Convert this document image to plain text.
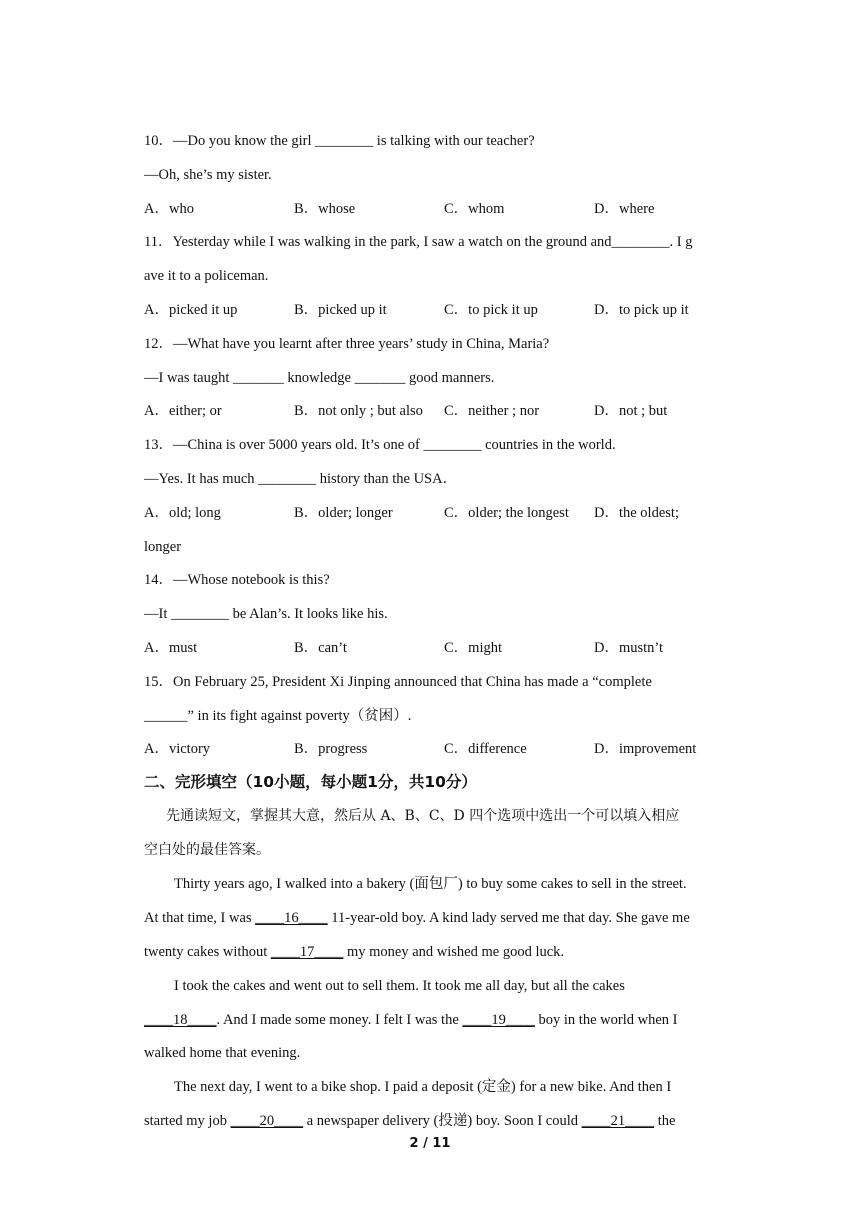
10．—Do you know the girl ________ is talking with our teacher?
—Oh, she’s my sister.
A．who	B．whose	C．whom	D．where
11．Yesterday while I was walking in the park, I saw a watch on the ground and________. I g
ave it to a policeman.
A．picked it up	B．picked up it	C．to pick it up	D．to pick up it
12．—What have you learnt after three years’ study in China, Maria?
—I was taught _______ knowledge _______ good manners.
A．either; or	B．not only ; but also C．neither ; nor	D．not ; but
13．—China is over 5000 years old. It’s one of ________ countries in the world.
—Yes. It has much ________ history than the USA．
A．old; long	B．older; longer	C．older; the longest D．the oldest;
longer
14．—Whose notebook is this?
—It ________ be Alan’s. It looks like his.
A．must	B．can’t	C．might	D．mustn’t
15．On February 25, President Xi Jinping announced that China has made a “complete
______” in its fight against poverty（贫困）.
A．victory	B．progress	C．difference	D．improvement
二、完形填空（10小题，每小题1分，共10分）
先通读短文，掌握其大意，然后从 A、B、C、D 四个选项中选出一个可以填入相应
空白处的最佳答案。
Thirty years ago, I walked into a bakery (面包厂) to buy some cakes to sell in the street.
At that time, I was ____16____ 11-year-old boy. A kind lady served me that day. She gave me
twenty cakes without ____17____ my money and wished me good luck.
I took the cakes and went out to sell them. It took me all day, but all the cakes
____18____. And I made some money. I felt I was the ____19____ boy in the world when I
walked home that evening.
The next day, I went to a bike shop. I paid a deposit (定金) for a new bike. And then I
started my job ____20____ a newspaper delivery (投递) boy. Soon I could ____21____ the
2 / 11
